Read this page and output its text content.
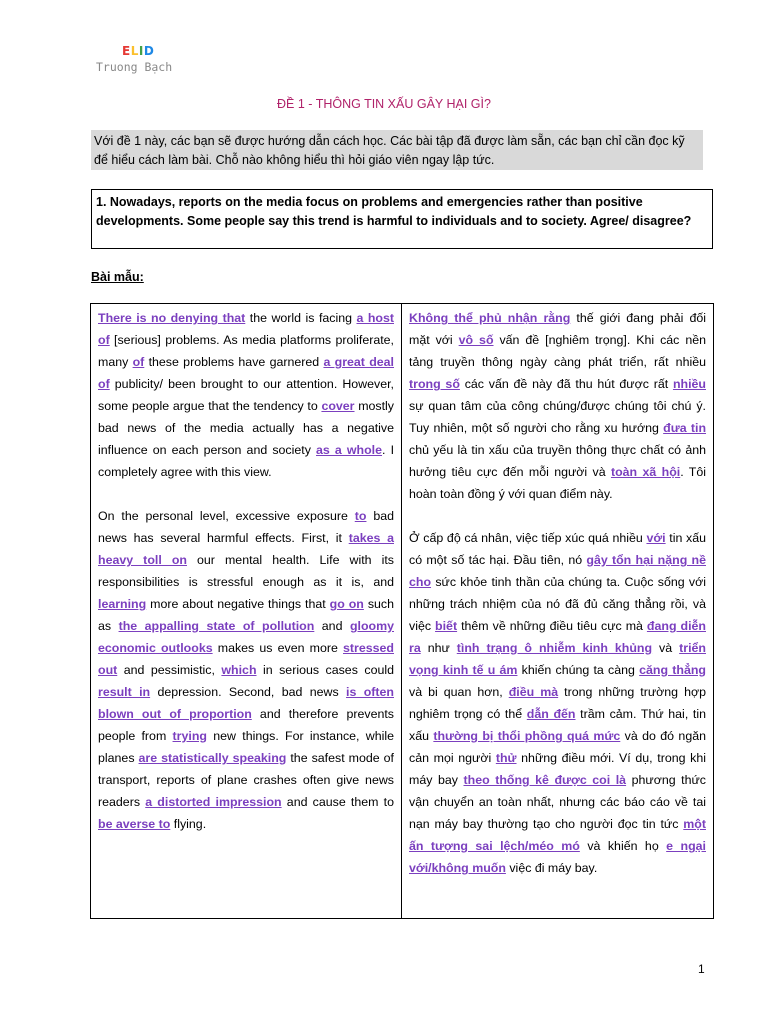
ELID
Truong Bạch
ĐỀ 1 - THÔNG TIN XẤU GÂY HẠI GÌ?
Với đề 1 này, các bạn sẽ được hướng dẫn cách học. Các bài tập đã được làm sẵn, các bạn chỉ cần đọc kỹ để hiểu cách làm bài. Chỗ nào không hiểu thì hỏi giáo viên ngay lập tức.
1. Nowadays, reports on the media focus on problems and emergencies rather than positive developments. Some people say this trend is harmful to individuals and to society. Agree/ disagree?
Bài mẫu:

There is no denying that the world is facing a host of [serious] problems. As media platforms proliferate, many of these problems have garnered a great deal of publicity/ been brought to our attention. However, some people argue that the tendency to cover mostly bad news of the media actually has a negative influence on each person and society as a whole. I completely agree with this view.

On the personal level, excessive exposure to bad news has several harmful effects. First, it takes a heavy toll on our mental health. Life with its responsibilities is stressful enough as it is, and learning more about negative things that go on such as the appalling state of pollution and gloomy economic outlooks makes us even more stressed out and pessimistic, which in serious cases could result in depression. Second, bad news is often blown out of proportion and therefore prevents people from trying new things. For instance, while planes are statistically speaking the safest mode of transport, reports of plane crashes often give news readers a distorted impression and cause them to be averse to flying.

Không thể phủ nhận rằng thế giới đang phải đối mặt với vô số vấn đề [nghiêm trọng]. Khi các nền tảng truyền thông ngày càng phát triển, rất nhiều trong số các vấn đề này đã thu hút được rất nhiều sự quan tâm của công chúng/được chúng tôi chú ý. Tuy nhiên, một số người cho rằng xu hướng đưa tin chủ yếu là tin xấu của truyền thông thực chất có ảnh hưởng tiêu cực đến mỗi người và toàn xã hội. Tôi hoàn toàn đồng ý với quan điểm này.

Ở cấp độ cá nhân, việc tiếp xúc quá nhiều với tin xấu có một số tác hại. Đầu tiên, nó gây tổn hại nặng nề cho sức khỏe tinh thần của chúng ta. Cuộc sống với những trách nhiệm của nó đã đủ căng thẳng rồi, và việc biết thêm về những điều tiêu cực mà đang diễn ra như tình trạng ô nhiễm kinh khủng và triển vọng kinh tế u ám khiến chúng ta càng căng thẳng và bi quan hơn, điều mà trong những trường hợp nghiêm trọng có thể dẫn đến trầm cảm. Thứ hai, tin xấu thường bị thổi phồng quá mức và do đó ngăn cản mọi người thử những điều mới. Ví dụ, trong khi máy bay theo thống kê được coi là phương thức vận chuyển an toàn nhất, nhưng các báo cáo về tai nạn máy bay thường tạo cho người đọc tin tức một ấn tượng sai lệch/méo mó và khiến họ e ngại với/không muốn việc đi máy bay.

1
